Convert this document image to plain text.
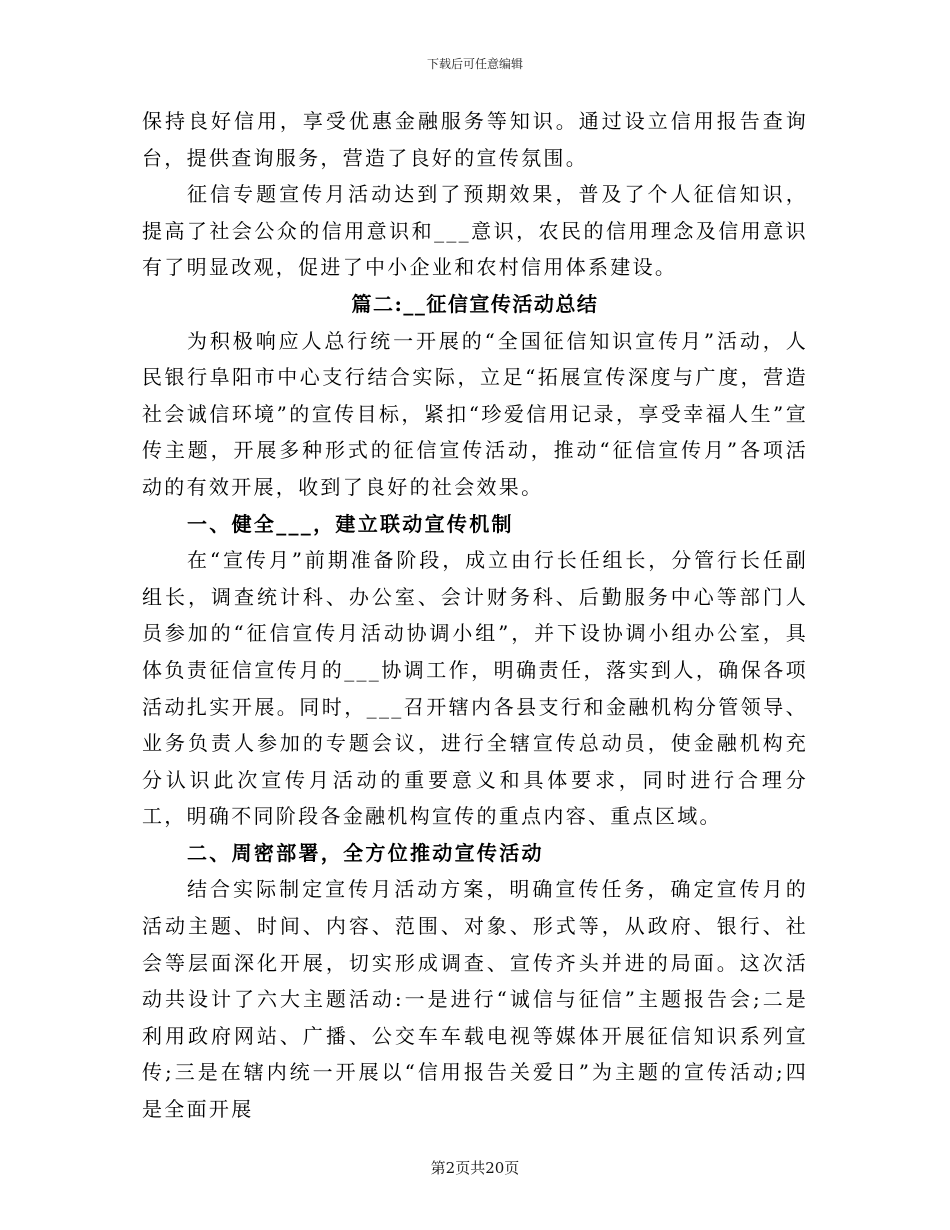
下载后可任意编辑

保持良好信用，享受优惠金融服务等知识。通过设立信用报告查询台，提供查询服务，营造了良好的宣传氛围。

征信专题宣传月活动达到了预期效果，普及了个人征信知识，提高了社会公众的信用意识和___意识，农民的信用理念及信用意识有了明显改观，促进了中小企业和农村信用体系建设。

篇二:__征信宣传活动总结

为积极响应人总行统一开展的“全国征信知识宣传月”活动，人民银行阜阳市中心支行结合实际，立足“拓展宣传深度与广度，营造社会诚信环境”的宣传目标，紧扣“珍爱信用记录，享受幸福人生”宣传主题，开展多种形式的征信宣传活动，推动“征信宣传月”各项活动的有效开展，收到了良好的社会效果。

一、健全___，建立联动宣传机制

在“宣传月”前期准备阶段，成立由行长任组长，分管行长任副组长，调查统计科、办公室、会计财务科、后勤服务中心等部门人员参加的“征信宣传月活动协调小组”，并下设协调小组办公室，具体负责征信宣传月的___协调工作，明确责任，落实到人，确保各项活动扎实开展。同时，___召开辖内各县支行和金融机构分管领导、业务负责人参加的专题会议，进行全辖宣传总动员，使金融机构充分认识此次宣传月活动的重要意义和具体要求，同时进行合理分工，明确不同阶段各金融机构宣传的重点内容、重点区域。

二、周密部署，全方位推动宣传活动

结合实际制定宣传月活动方案，明确宣传任务，确定宣传月的活动主题、时间、内容、范围、对象、形式等，从政府、银行、社会等层面深化开展，切实形成调查、宣传齐头并进的局面。这次活动共设计了六大主题活动:一是进行“诚信与征信”主题报告会;二是利用政府网站、广播、公交车车载电视等媒体开展征信知识系列宣传;三是在辖内统一开展以“信用报告关爱日”为主题的宣传活动;四是全面开展

第2页共20页
